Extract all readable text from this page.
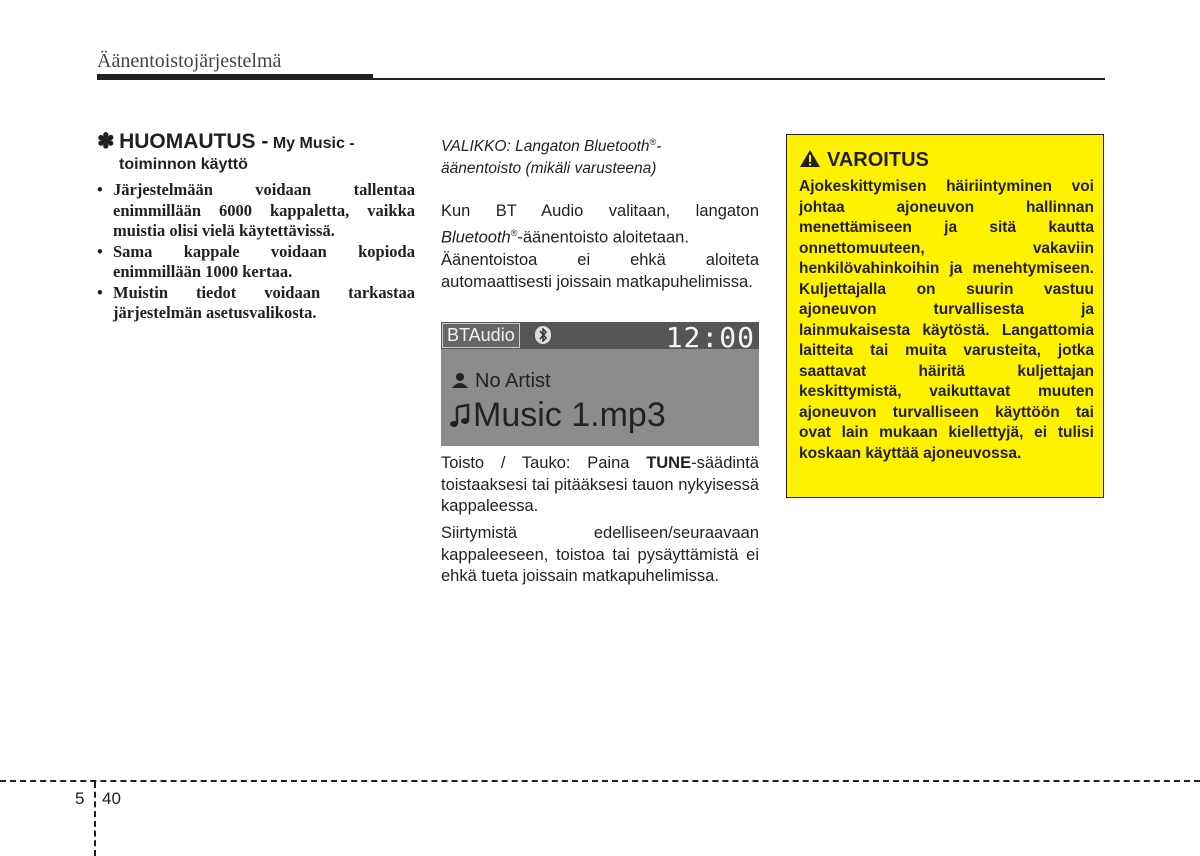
Äänentoistojärjestelmä
✽ HUOMAUTUS - My Music -
toiminnon käyttö
• Järjestelmään voidaan tallentaa enimmillään 6000 kappaletta, vaikka muistia olisi vielä käytettävissä.
• Sama kappale voidaan kopioda enimmillään 1000 kertaa.
• Muistin tiedot voidaan tarkastaa järjestelmän asetusvalikosta.
VALIKKO: Langaton Bluetooth®-
äänentoisto (mikäli varusteena)

Kun BT Audio valitaan, langaton Bluetooth®-äänentoisto aloitetaan.

Äänentoistoa ei ehkä aloiteta automaattisesti joissain matkapuhelimissa.

BTAudio	12:00
No Artist
Music 1.mp3

Toisto / Tauko: Paina TUNE-säädintä toistaaksesi tai pitääksesi tauon nykyisessä kappaleessa.

Siirtymistä edelliseen/seuraavaan kappaleeseen, toistoa tai pysäyttämistä ei ehkä tueta joissain matkapuhelimissa.

VAROITUS

Ajokeskittymisen häiriintyminen voi johtaa ajoneuvon hallinnan menettämiseen ja sitä kautta onnettomuuteen, vakaviin henkilövahinkoihin ja menehtymiseen. Kuljettajalla on suurin vastuu ajoneuvon turvallisesta ja lainmukaisesta käytöstä. Langattomia laitteita tai muita varusteita, jotka saattavat häiritä kuljettajan keskittymistä, vaikuttavat muuten ajoneuvon turvalliseen käyttöön tai ovat lain mukaan kiellettyjä, ei tulisi koskaan käyttää ajoneuvossa.

5 40
